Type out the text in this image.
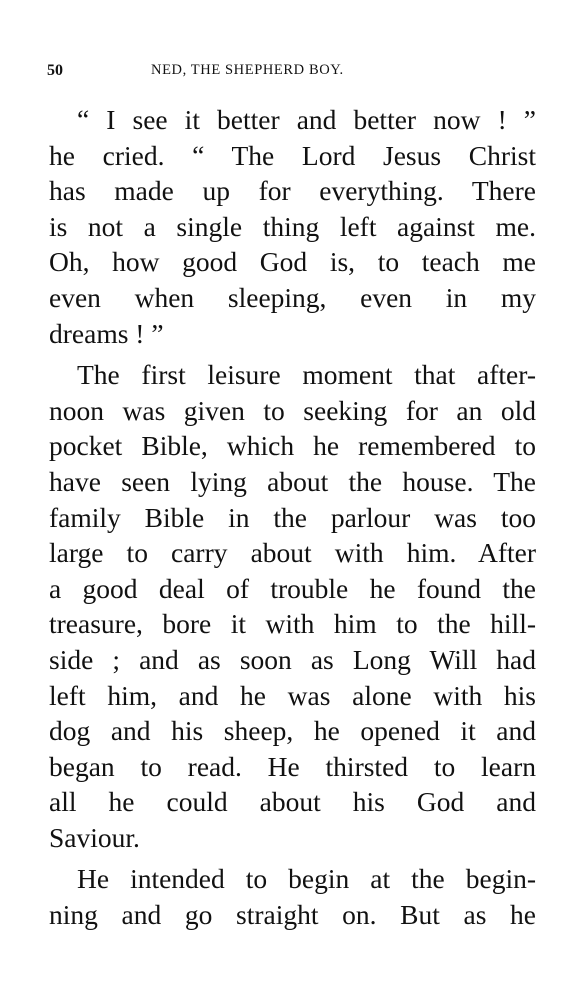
50	NED, THE SHEPHERD BOY.
“ I see it better and better now ! ”
he cried. “ The Lord Jesus Christ
has made up for everything. There
is not a single thing left against me.
Oh, how good God is, to teach me
even when sleeping, even in my
dreams ! ”
The first leisure moment that after-
noon was given to seeking for an old
pocket Bible, which he remembered to
have seen lying about the house. The
family Bible in the parlour was too
large to carry about with him. After
a good deal of trouble he found the
treasure, bore it with him to the hill-
side ; and as soon as Long Will had
left him, and he was alone with his
dog and his sheep, he opened it and
began to read. He thirsted to learn
all he could about his God and
Saviour.
He intended to begin at the begin-
ning and go straight on. But as he
